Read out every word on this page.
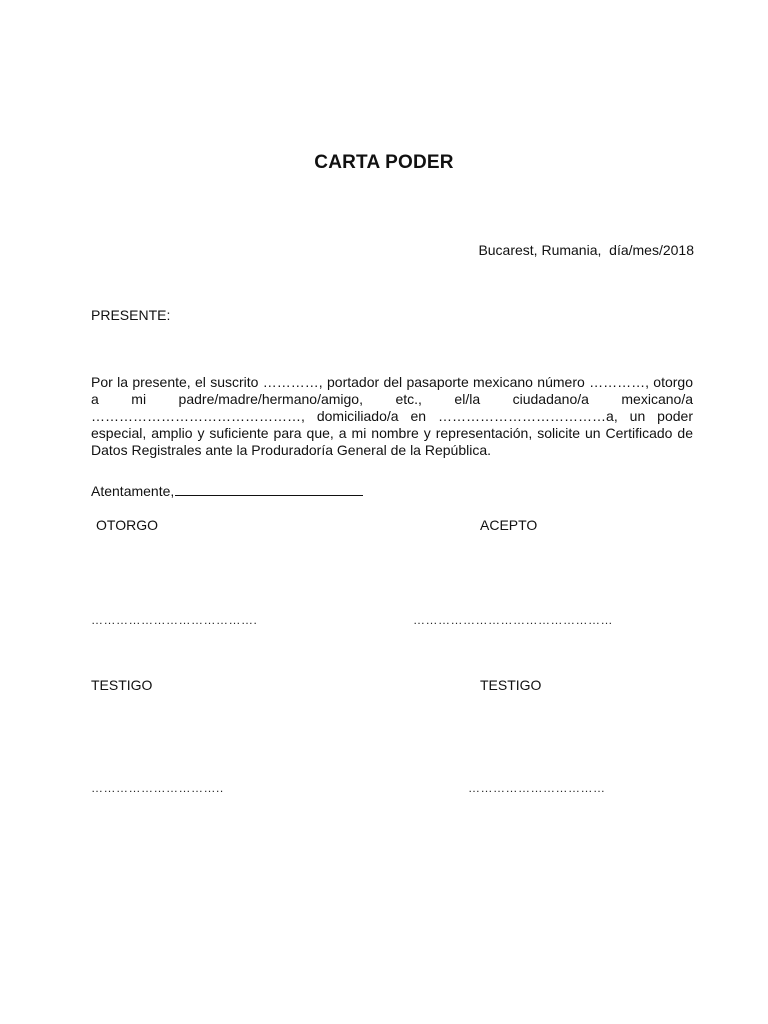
CARTA PODER
Bucarest, Rumania,  día/mes/2018
PRESENTE:
Por la presente, el suscrito …………, portador del pasaporte mexicano número …………, otorgo a mi padre/madre/hermano/amigo, etc., el/la ciudadano/a mexicano/a ………………………………………, domiciliado/a en ………………………………a, un poder especial, amplio y suficiente para que, a mi nombre y representación, solicite un Certificado de Datos Registrales ante la Produradoría General de la República.
Atentamente,
OTORGO	ACEPTO
………………………………….	…………………………………………
TESTIGO	TESTIGO
…………………………..	……………………………
